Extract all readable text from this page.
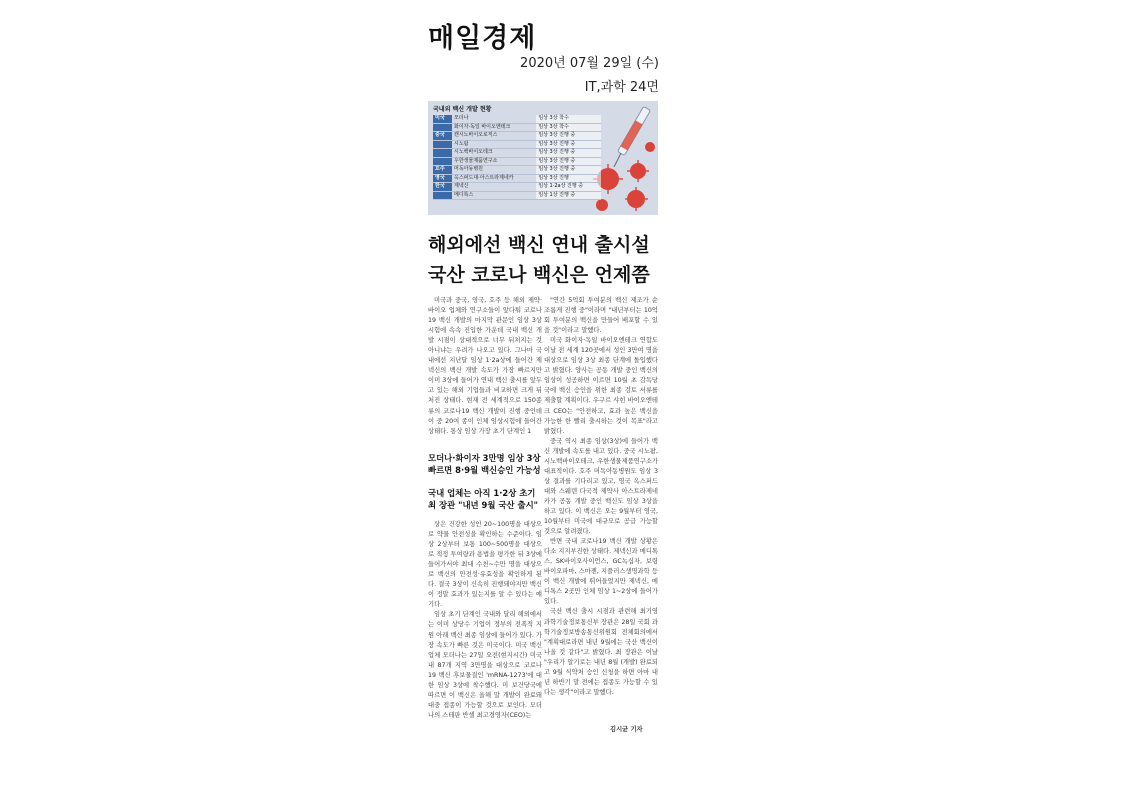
매일경제
2020년 07월 29일 (수)
IT,과학 24면
국내외 백신 개발 현황
미국	모더나	임상 3상 착수
	화이자·독일 바이오엔테크	임상 3상 착수
중국	캔시노바이오로직스	임상 3상 진행 중
	시노팜	임상 3상 진행 중
	시노백바이오테크	임상 3상 진행 중
	우한생물제품연구소	임상 3상 진행 중
호주	머독아동병원	임상 3상 진행 중
영국	옥스퍼드대·아스트라제네카	임상 3상 진행
한국	제넥신	임상 1·2a상 진행 중
	메디톡스	임상 1상 진행 중
해외에선 백신 연내 출시설
국산 코로나 백신은 언제쯤

미국과 중국, 영국, 호주 등 해외 제약·바이오 업체와 연구소들이 앞다퉈 코로나19 백신 개발의 마지막 관문인 임상 3상 시험에 속속 진입한 가운데 국내 백신 개발 시점이 상대적으로 너무 뒤처지는 것 아니냐는 우려가 나오고 있다. 그나마 국내에선 지난달 임상 1·2a상에 들어간 제넥신의 백신 개발 속도가 가장 빠르지만 이미 3상에 들어가 연내 백신 출시를 앞두고 있는 해외 기업들과 비교하면 크게 뒤처진 상태다. 현재 전 세계적으로 150종류의 코로나19 백신 개발이 진행 중인데 이 중 20여 종이 인체 임상시험에 들어간 상태다. 통상 임상 가장 초기 단계인 1

모더나·화이자 3만명 임상 3상
빠르면 8·9월 백신승인 가능성
국내 업체는 아직 1·2상 초기
최 장관 "내년 9월 국산 출시"

상은 건강한 성인 20~100명을 대상으로 약물 안전성을 확인하는 수준이다. 임상 2상부터 보통 100~500명을 대상으로 적정 투여량과 용법을 평가한 뒤 3상에 들어가서야 최대 수천~수만 명을 대상으로 백신의 안전성·유효성을 확인하게 된다. 결국 3상이 신속히 진행돼야지만 백신이 정말 효과가 있는지를 알 수 있다는 얘기다.

임상 초기 단계인 국내와 달리 해외에서는 이미 상당수 기업이 정부의 전폭적 지원 아래 백신 최종 임상에 들어가 있다. 가장 속도가 빠른 것은 미국이다. 미국 백신 업체 모더나는 27일 오전(현지시간) 미국 내 87개 지역 3만명을 대상으로 코로나19 백신 후보물질인 'mRNA-1273'에 대한 임상 3상에 착수했다. 미 보건당국에 따르면 이 백신은 올해 말 개발이 완료돼 대중 접종이 가능할 것으로 보인다. 모더나의 스테판 반셀 최고경영자(CEO)는

"연간 5억회 투여분의 백신 제조가 순조롭게 진행 중"이라며 "내년부터는 10억회 투여분의 백신을 만들어 배포할 수 있을 것"이라고 말했다.

미국 화이자·독일 바이오엔테크 연합도 이날 전 세계 120곳에서 성인 3만여 명을 대상으로 임상 3상 최종 단계에 돌입했다고 밝혔다. 양사는 공동 개발 중인 백신의 임상이 성공하면 이르면 10월 초 감독당국에 백신 승인을 위한 최종 검토 서류를 제출할 계획이다. 우구르 샤힌 바이오엔테크 CEO는 "안전하고, 효과 높은 백신을 가능한 한 빨리 출시하는 것이 목표"라고 밝혔다.

중국 역시 최종 임상(3상)에 들어가 백신 개발에 속도를 내고 있다. 중국 시노팜, 시노백바이오테크, 우한생물제품연구소가 대표적이다. 호주 머독아동병원도 임상 3상 결과를 기다리고 있고, 영국 옥스퍼드대와 스웨덴 다국적 제약사 아스트라제네카가 공동 개발 중인 백신도 임상 3상을 하고 있다. 이 백신은 오는 9월부터 영국, 10월부터 미국에 대규모로 공급 가능할 것으로 알려졌다.

반면 국내 코로나19 백신 개발 상황은 다소 지지부진한 상태다. 제넥신과 메디톡스, SK바이오사이언스, GC녹십자, 보령바이오파마, 스마젠, 지플러스생명과학 등이 백신 개발에 뛰어들었지만 제넥신, 메디톡스 2곳만 인체 임상 1~2상에 들어가 있다.

국산 백신 출시 시점과 관련해 최기영 과학기술정보통신부 장관은 28일 국회 과학기술정보방송통신위원회 전체회의에서 "계획대로라면 내년 9월에는 국산 백신이 나올 것 같다"고 밝혔다. 최 장관은 이날 "우리가 알기로는 내년 8월 (개발) 완료되고 9월 식약처 승인 신청을 하면 아마 내년 하반기 말 전에는 접종도 가능할 수 있다는 생각"이라고 말했다.

김시균 기자
